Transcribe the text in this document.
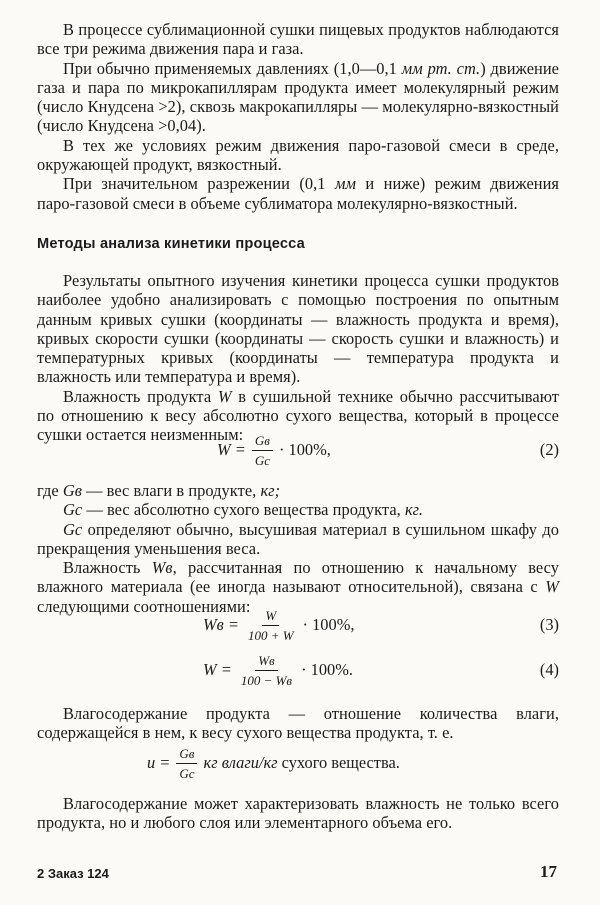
В процессе сублимационной сушки пищевых продуктов наблюдаются все три режима движения пара и газа.

При обычно применяемых давлениях (1,0—0,1 мм рт. ст.) движение газа и пара по микрокапиллярам продукта имеет молекулярный режим (число Кнудсена >2), сквозь макрокапилляры — молекулярно-вязкостный (число Кнудсена >0,04).

В тех же условиях режим движения паро-газовой смеси в среде, окружающей продукт, вязкостный.

При значительном разрежении (0,1 мм и ниже) режим движения паро-газовой смеси в объеме сублиматора молекулярно-вязкостный.

Методы анализа кинетики процесса

Результаты опытного изучения кинетики процесса сушки продуктов наиболее удобно анализировать с помощью построения по опытным данным кривых сушки (координаты — влажность продукта и время), кривых скорости сушки (координаты — скорость сушки и влажность) и температурных кривых (координаты — температура продукта и влажность или температура и время).

Влажность продукта W в сушильной технике обычно рассчитывают по отношению к весу абсолютно сухого вещества, который в процессе сушки остается неизменным:

$W = \frac{Gв}{Gс} \cdot 100\%$,	(2)

где Gв — вес влаги в продукте, кг;

Gс — вес абсолютно сухого вещества продукта, кг.

Gс определяют обычно, высушивая материал в сушильном шкафу до прекращения уменьшения веса.

Влажность Wв, рассчитанная по отношению к начальному весу влажного материала (ее иногда называют относительной), связана с W следующими соотношениями:

Wв = $\frac{W}{100 + W} \cdot 100\%$,	(3)
$W = \frac{Wв}{100 - Wв} \cdot 100\%$.	(4)

Влагосодержание продукта — отношение количества влаги, содержащейся в нем, к весу сухого вещества продукта, т. е.

$u = \frac{Gв}{Gс}$ кг влаги/кг
сухого вещества.

Влагосодержание может характеризовать влажность не только всего продукта, но и любого слоя или элементарного объема его.

2 Заказ 124	17
